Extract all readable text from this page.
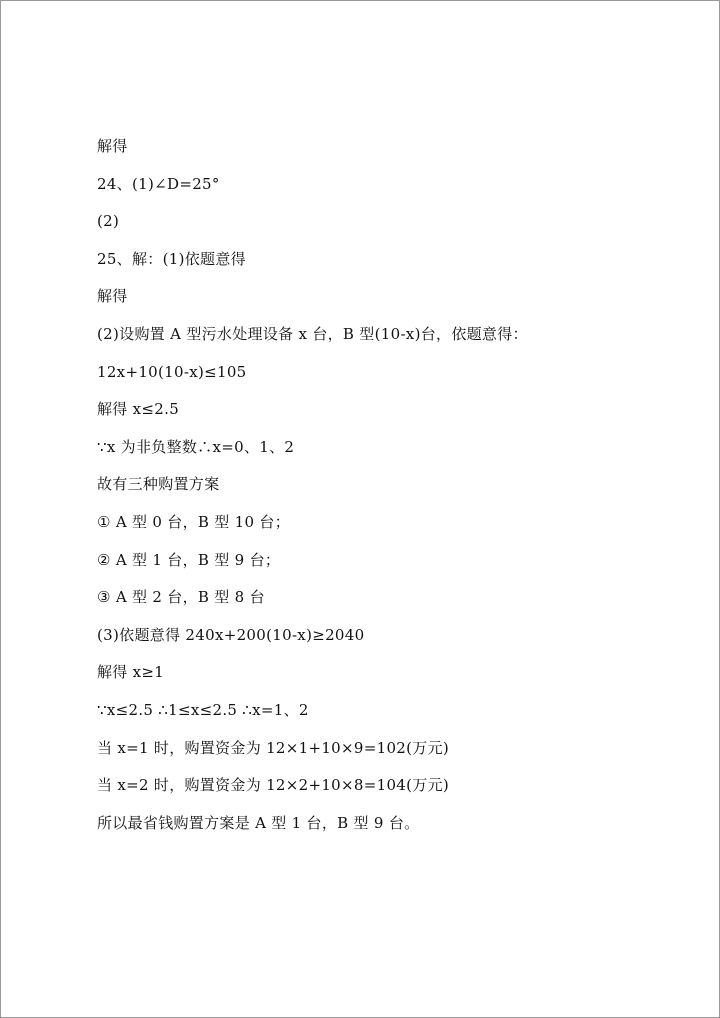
解得
24、(1)∠D=25°
(2)
25、解：(1)依题意得
解得
(2)设购置 A 型污水处理设备 x 台，B 型(10-x)台，依题意得：
12x+10(10-x)≤105
解得 x≤2.5
∵x 为非负整数∴x=0、1、2
故有三种购置方案
① A 型 0 台，B 型 10 台；
② A 型 1 台，B 型 9 台；
③ A 型 2 台，B 型 8 台
(3)依题意得 240x+200(10-x)≥2040
解得 x≥1
∵x≤2.5 ∴1≤x≤2.5 ∴x=1、2
当 x=1 时，购置资金为 12×1+10×9=102(万元)
当 x=2 时，购置资金为 12×2+10×8=104(万元)
所以最省钱购置方案是 A 型 1 台，B 型 9 台。
